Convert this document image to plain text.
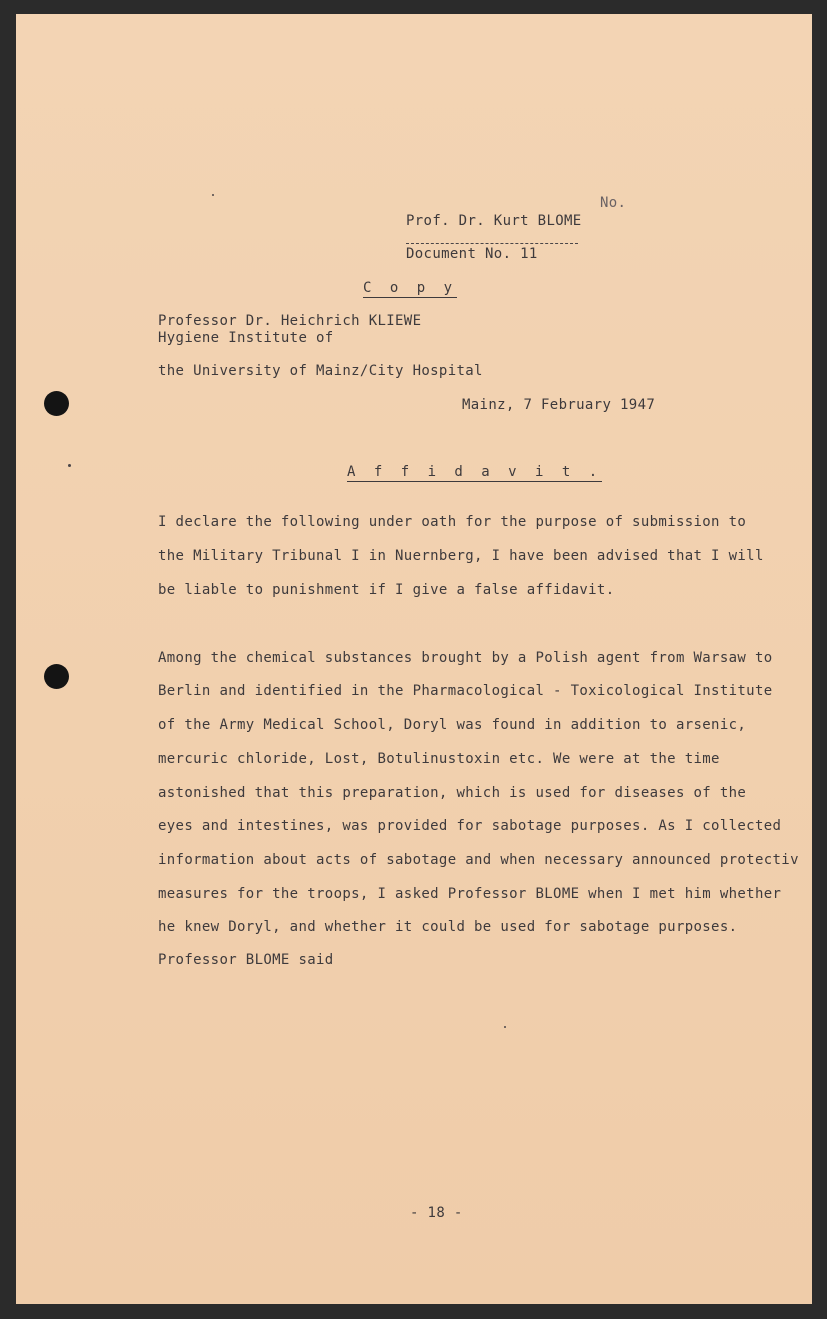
No.
Prof. Dr. Kurt BLOME
Document No. 11
C o p y
Professor Dr. Heichrich KLIEWE
Hygiene Institute of
the University of Mainz/City Hospital
Mainz, 7 February 1947
A f f i d a v i t .
I declare the following under oath for the purpose of submission to
the Military Tribunal I in Nuernberg, I have been advised that I will
be liable to punishment if I give a false affidavit.
Among the chemical substances brought by a Polish agent from Warsaw to
Berlin and identified in the Pharmacological - Toxicological Institute
of the Army Medical School, Doryl was found in addition to arsenic,
mercuric chloride, Lost, Botulinustoxin etc. We were at the time
astonished that this preparation, which is used for diseases of the
eyes and intestines, was provided for sabotage purposes. As I collected
information about acts of sabotage and when necessary announced protectiv
measures for the troops, I asked Professor BLOME when I met him whether
he knew Doryl, and whether it could be used for sabotage purposes.
Professor BLOME said
- 18 -
